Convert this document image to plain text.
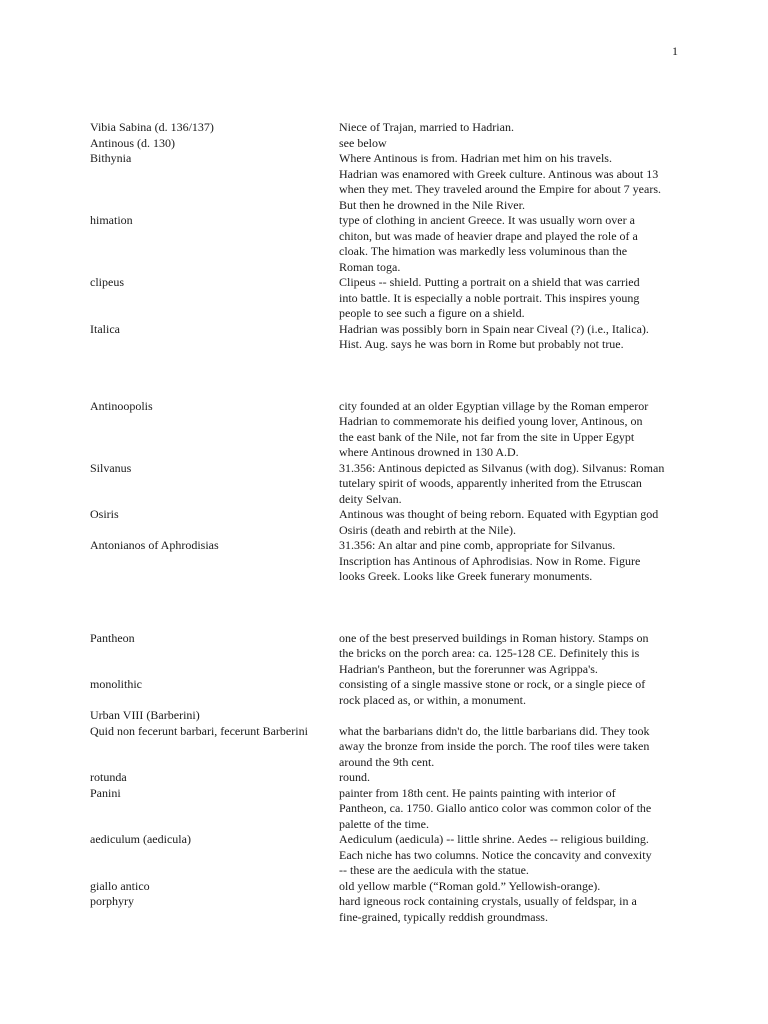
1
Vibia Sabina (d. 136/137)	Niece of Trajan, married to Hadrian.
Antinous (d. 130)	see below
Bithynia	Where Antinous is from. Hadrian met him on his travels.
Hadrian was enamored with Greek culture. Antinous was about 13
when they met. They traveled around the Empire for about 7 years.
But then he drowned in the Nile River.
himation	type of clothing in ancient Greece. It was usually worn over a
chiton, but was made of heavier drape and played the role of a
cloak. The himation was markedly less voluminous than the
Roman toga.
clipeus	Clipeus -- shield. Putting a portrait on a shield that was carried
into battle. It is especially a noble portrait. This inspires young
people to see such a figure on a shield.
Italica	Hadrian was possibly born in Spain near Civeal (?) (i.e., Italica).
Hist. Aug. says he was born in Rome but probably not true.
Antinoopolis	city founded at an older Egyptian village by the Roman emperor
Hadrian to commemorate his deified young lover, Antinous, on
the east bank of the Nile, not far from the site in Upper Egypt
where Antinous drowned in 130 A.D.
Silvanus	31.356: Antinous depicted as Silvanus (with dog). Silvanus: Roman
tutelary spirit of woods, apparently inherited from the Etruscan
deity Selvan.
Osiris	Antinous was thought of being reborn. Equated with Egyptian god
Osiris (death and rebirth at the Nile).
Antonianos of Aphrodisias	31.356: An altar and pine comb, appropriate for Silvanus.
Inscription has Antinous of Aphrodisias. Now in Rome. Figure
looks Greek. Looks like Greek funerary monuments.
Pantheon	one of the best preserved buildings in Roman history. Stamps on
the bricks on the porch area: ca. 125-128 CE. Definitely this is
Hadrian's Pantheon, but the forerunner was Agrippa's.
monolithic	consisting of a single massive stone or rock, or a single piece of
rock placed as, or within, a monument.
Urban VIII (Barberini)
Quid non fecerunt barbari, fecerunt Barberini	what the barbarians didn't do, the little barbarians did. They took
away the bronze from inside the porch. The roof tiles were taken
around the 9th cent.
rotunda	round.
Panini	painter from 18th cent. He paints painting with interior of
Pantheon, ca. 1750. Giallo antico color was common color of the
palette of the time.
aediculum (aedicula)	Aediculum (aedicula) -- little shrine. Aedes -- religious building.
Each niche has two columns. Notice the concavity and convexity
-- these are the aedicula with the statue.
giallo antico	old yellow marble (“Roman gold.” Yellowish-orange).
porphyry	hard igneous rock containing crystals, usually of feldspar, in a
fine-grained, typically reddish groundmass.
